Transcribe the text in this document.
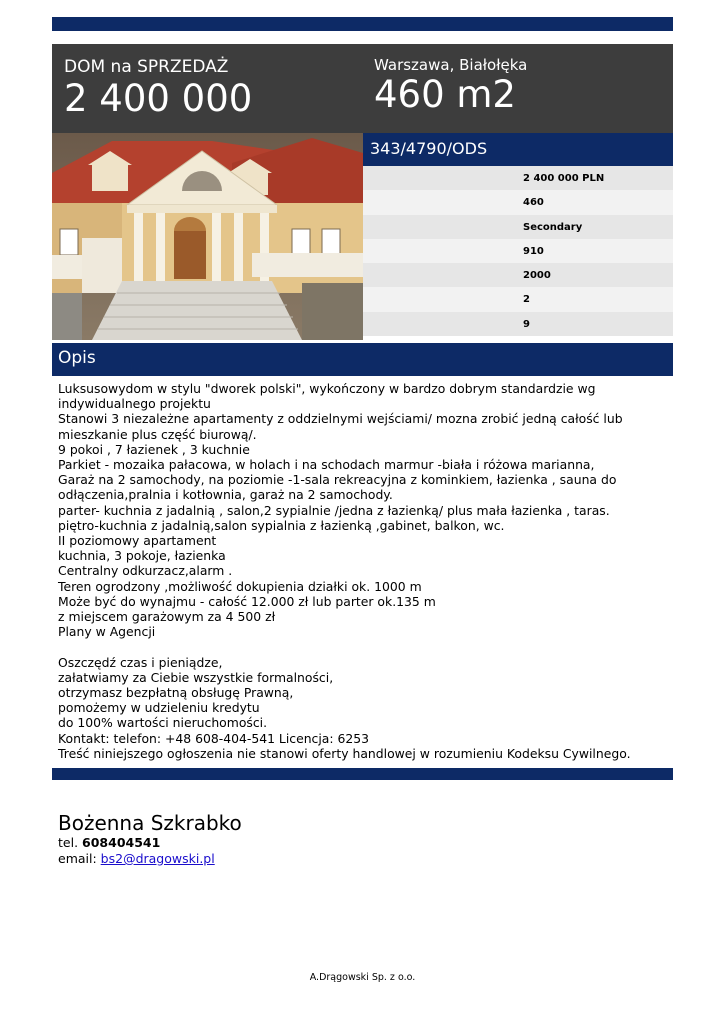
DOM na SPRZEDAŻ
2 400 000
Warszawa, Białołęka
460 m2
343/4790/ODS
2 400 000 PLN
460
Secondary
910
2000
2
9
Opis
Luksusowydom w stylu "dworek polski", wykończony w bardzo dobrym standardzie wg
indywidualnego projektu
Stanowi 3 niezależne apartamenty z oddzielnymi wejściami/ mozna zrobić jedną całość lub
mieszkanie plus część biurową/.
9 pokoi , 7 łazienek , 3 kuchnie
Parkiet - mozaika pałacowa, w holach i na schodach marmur -biała i różowa marianna,
Garaż na 2 samochody, na poziomie -1-sala rekreacyjna z kominkiem, łazienka , sauna do
odłączenia,pralnia i kotłownia, garaż na 2 samochody.
parter- kuchnia z jadalnią , salon,2 sypialnie /jedna z łazienką/ plus mała łazienka , taras.
piętro-kuchnia z jadalnią,salon sypialnia z łazienką ,gabinet, balkon, wc.
II poziomowy apartament
kuchnia, 3 pokoje, łazienka
Centralny odkurzacz,alarm .
Teren ogrodzony ,możliwość dokupienia działki ok. 1000 m
Może być do wynajmu - całość 12.000 zł lub parter ok.135 m
z miejscem garażowym za 4 500 zł
Plany w Agencji
Oszczędź czas i pieniądze,
załatwiamy za Ciebie wszystkie formalności,
otrzymasz bezpłatną obsługę Prawną,
pomożemy w udzieleniu kredytu
do 100% wartości nieruchomości.
Kontakt: telefon: +48 608-404-541 Licencja: 6253
Treść niniejszego ogłoszenia nie stanowi oferty handlowej w rozumieniu Kodeksu Cywilnego.
Bożenna Szkrabko
tel. 608404541
email: bs2@dragowski.pl
A.Drągowski Sp. z o.o.
